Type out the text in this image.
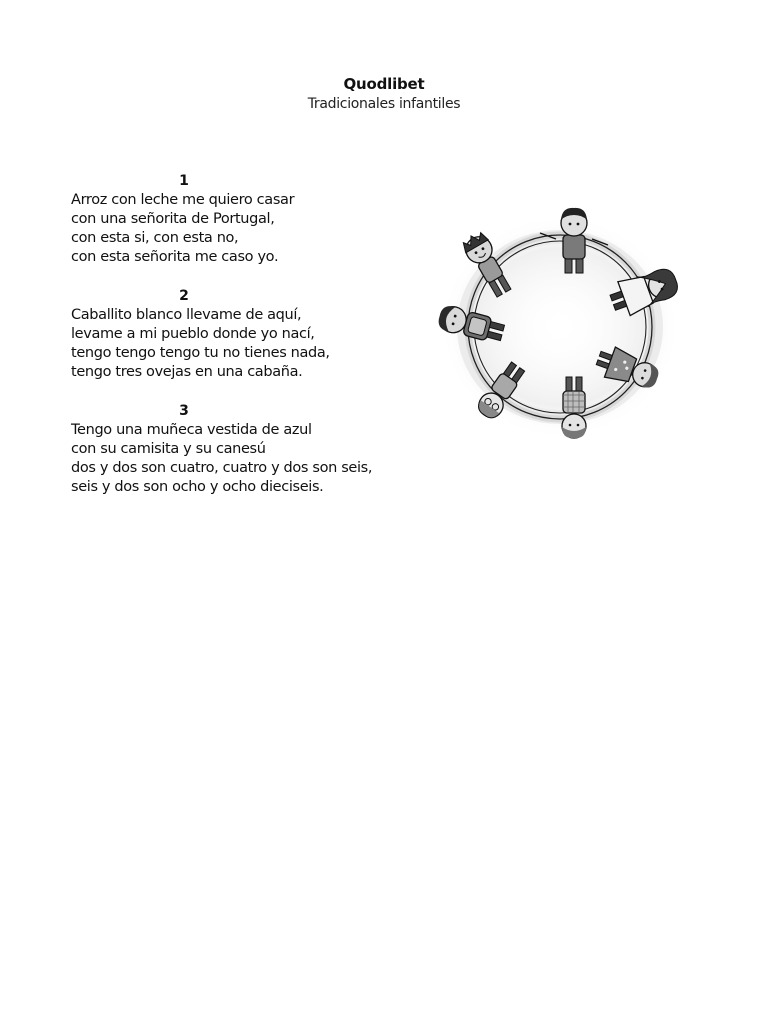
Quodlibet
Tradicionales infantiles
1
Arroz con leche me quiero casar
con una señorita de Portugal,
con esta si, con esta no,
con esta señorita me caso yo.
2
Caballito blanco llevame de aquí,
levame a mi pueblo donde yo nací,
tengo tengo tengo tu no tienes nada,
tengo tres ovejas en una cabaña.
3
Tengo una muñeca vestida de azul
con su camisita y su canesú
dos y dos son cuatro, cuatro y dos son seis,
seis y dos son ocho y ocho dieciseis.
